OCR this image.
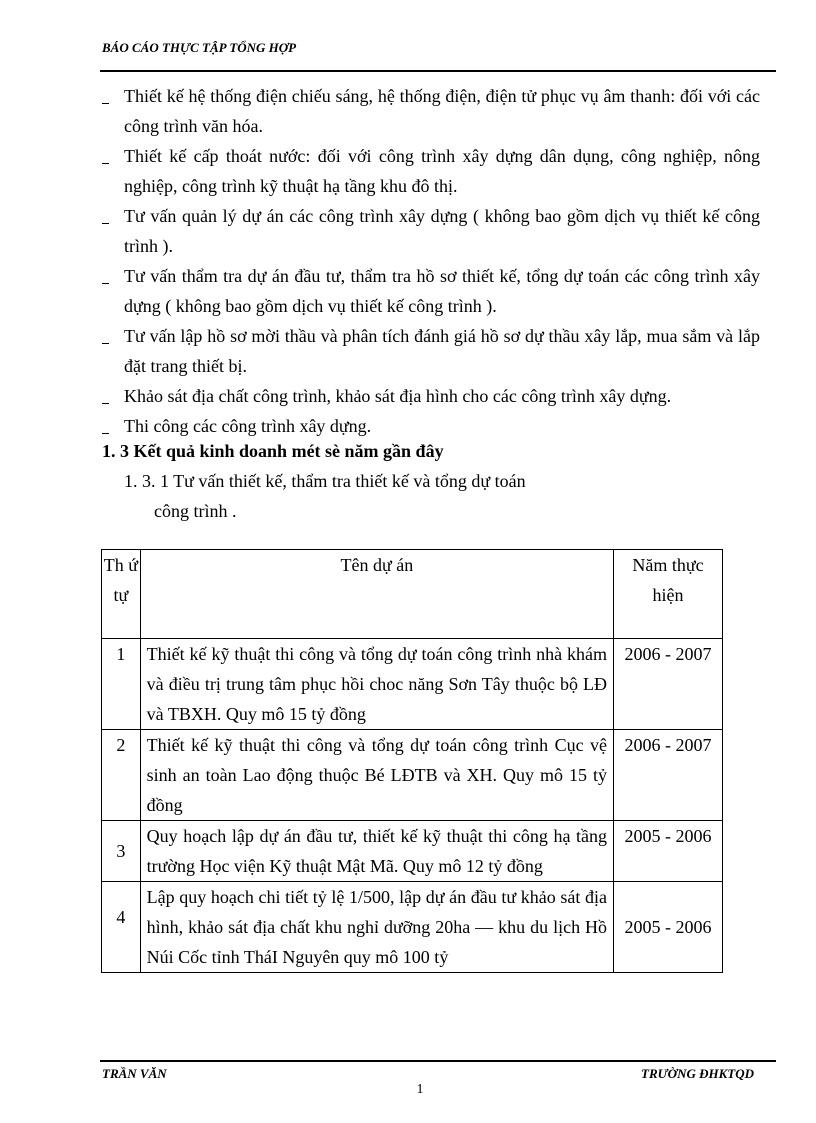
BÁO CÁO THỰC TẬP TỔNG HỢP
Thiết kế hệ thống điện chiếu sáng, hệ thống điện, điện tử phục vụ âm thanh: đối với các công trình văn hóa.
Thiết kế cấp thoát nước: đối với công trình xây dựng dân dụng, công nghiệp, nông nghiệp, công trình kỹ thuật hạ tầng khu đô thị.
Tư vấn quản lý dự án các công trình xây dựng ( không bao gồm dịch vụ thiết kế công trình ).
Tư vấn thẩm tra dự án đầu tư, thẩm tra hồ sơ thiết kế, tổng dự toán các công trình xây dựng ( không bao gồm dịch vụ thiết kế công trình ).
Tư vấn lập hồ sơ mời thầu và phân tích đánh giá hồ sơ dự thầu xây lắp, mua sắm và lắp đặt trang thiết bị.
Khảo sát địa chất công trình, khảo sát địa hình cho các công trình xây dựng.
Thi công các công trình xây dựng.
1. 3 Kết quả kinh doanh mét sè năm gần đây
1. 3. 1 Tư vấn thiết kế, thẩm tra thiết kế và tổng dự toán
công trình .
Th ứ tự	Tên dự án	Năm thực hiện
1	Thiết kế kỹ thuật thi công và tổng dự toán công trình nhà khám và điều trị trung tâm phục hồi choc năng Sơn Tây thuộc bộ LĐ và TBXH. Quy mô 15 tỷ đồng	2006 - 2007
2	Thiết kế kỹ thuật thi công và tổng dự toán công trình Cục vệ sinh an toàn Lao động thuộc Bé LĐTB và XH. Quy mô 15 tỷ đồng	2006 - 2007
3	Quy hoạch lập dự án đầu tư, thiết kế kỹ thuật thi công hạ tầng trường Học viện Kỹ thuật Mật Mã. Quy mô 12 tỷ đồng	2005 - 2006
4	Lập quy hoạch chi tiết tỷ lệ 1/500, lập dự án đầu tư khảo sát địa hình, khảo sát địa chất khu nghỉ dưỡng 20ha — khu du lịch Hồ Núi Cốc tỉnh TháI Nguyên quy mô 100 tỷ	2005 - 2006
TRẦN VĂN	TRƯỜNG ĐHKTQD
1
